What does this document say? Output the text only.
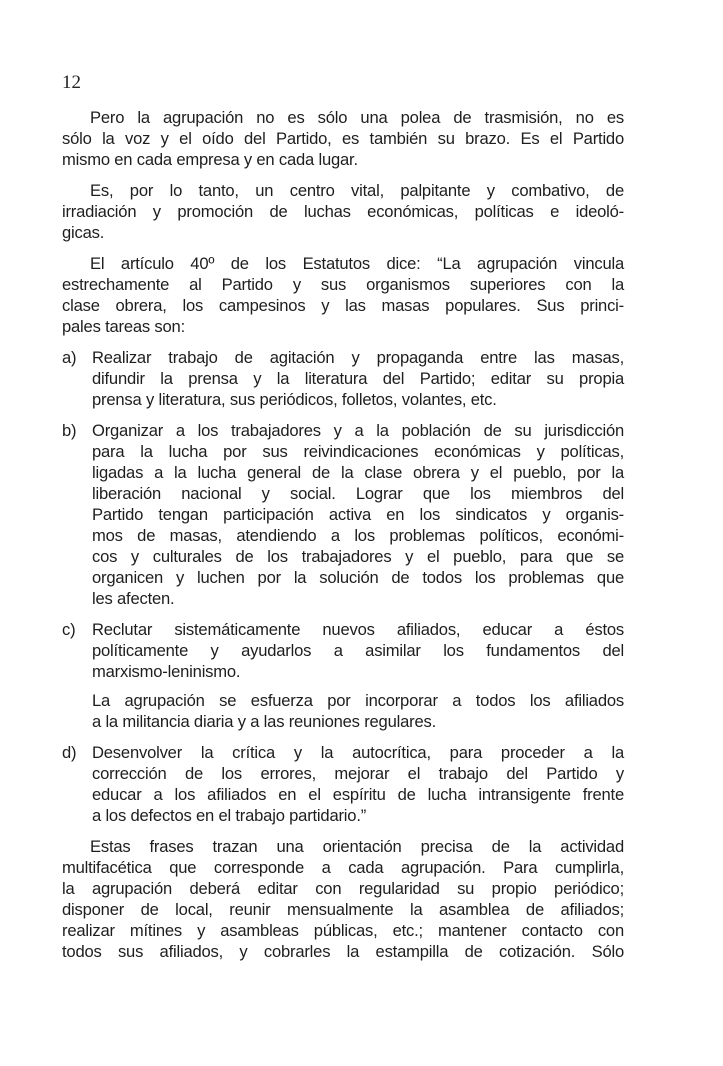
12
Pero la agrupación no es sólo una polea de trasmisión, no es
sólo la voz y el oído del Partido, es también su brazo. Es el Partido
mismo en cada empresa y en cada lugar.
Es, por lo tanto, un centro vital, palpitante y combativo, de
irradiación y promoción de luchas económicas, políticas e ideoló-
gicas.
El artículo 40º de los Estatutos dice: “La agrupación vincula
estrechamente al Partido y sus organismos superiores con la
clase obrera, los campesinos y las masas populares. Sus princi-
pales tareas son:
a) Realizar trabajo de agitación y propaganda entre las masas,
difundir la prensa y la literatura del Partido; editar su propia
prensa y literatura, sus periódicos, folletos, volantes, etc.
b) Organizar a los trabajadores y a la población de su jurisdicción
para la lucha por sus reivindicaciones económicas y políticas,
ligadas a la lucha general de la clase obrera y el pueblo, por la
liberación nacional y social. Lograr que los miembros del
Partido tengan participación activa en los sindicatos y organis-
mos de masas, atendiendo a los problemas políticos, económi-
cos y culturales de los trabajadores y el pueblo, para que se
organicen y luchen por la solución de todos los problemas que
les afecten.
c) Reclutar sistemáticamente nuevos afiliados, educar a éstos
políticamente y ayudarlos a asimilar los fundamentos del
marxismo-leninismo.
La agrupación se esfuerza por incorporar a todos los afiliados
a la militancia diaria y a las reuniones regulares.
d) Desenvolver la crítica y la autocrítica, para proceder a la
corrección de los errores, mejorar el trabajo del Partido y
educar a los afiliados en el espíritu de lucha intransigente frente
a los defectos en el trabajo partidario.”
Estas frases trazan una orientación precisa de la actividad
multifacética que corresponde a cada agrupación. Para cumplirla,
la agrupación deberá editar con regularidad su propio periódico;
disponer de local, reunir mensualmente la asamblea de afiliados;
realizar mítines y asambleas públicas, etc.; mantener contacto con
todos sus afiliados, y cobrarles la estampilla de cotización. Sólo
